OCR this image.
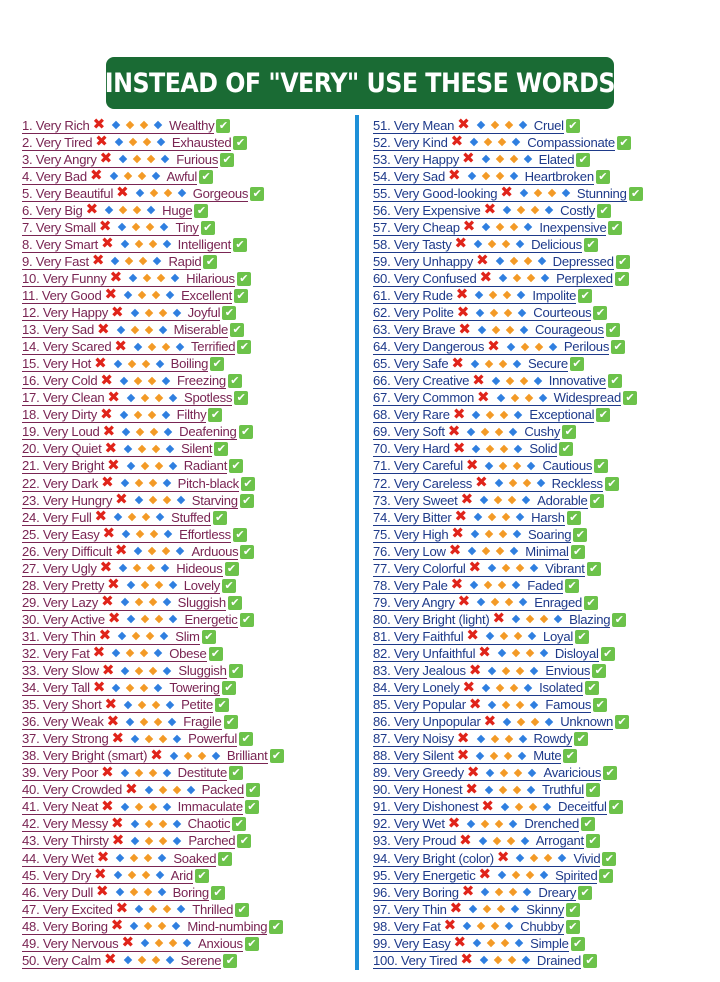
INSTEAD OF "VERY" USE THESE WORDS
1. Very Rich ✖	Wealthy ✔
2. Very Tired ✖	Exhausted ✔
3. Very Angry ✖	Furious ✔
4. Very Bad ✖	Awful ✔
5. Very Beautiful ✖	Gorgeous ✔
6. Very Big ✖	Huge ✔
7. Very Small ✖	Tiny ✔
8. Very Smart ✖	Intelligent ✔
9. Very Fast ✖	Rapid ✔
10. Very Funny ✖	Hilarious ✔
11. Very Good ✖	Excellent ✔
12. Very Happy ✖	Joyful ✔
13. Very Sad ✖	Miserable ✔
14. Very Scared ✖	Terrified ✔
15. Very Hot ✖	Boiling ✔
16. Very Cold ✖	Freezing ✔
17. Very Clean ✖	Spotless ✔
18. Very Dirty ✖	Filthy ✔
19. Very Loud ✖	Deafening ✔
20. Very Quiet ✖	Silent ✔
21. Very Bright ✖	Radiant ✔
22. Very Dark ✖	Pitch-black ✔
23. Very Hungry ✖	Starving ✔
24. Very Full ✖	Stuffed ✔
25. Very Easy ✖	Effortless ✔
26. Very Difficult ✖	Arduous ✔
27. Very Ugly ✖	Hideous ✔
28. Very Pretty ✖	Lovely ✔
29. Very Lazy ✖	Sluggish ✔
30. Very Active ✖	Energetic ✔
31. Very Thin ✖	Slim ✔
32. Very Fat ✖	Obese ✔
33. Very Slow ✖	Sluggish ✔
34. Very Tall ✖	Towering ✔
35. Very Short ✖	Petite ✔
36. Very Weak ✖	Fragile ✔
37. Very Strong ✖	Powerful ✔
38. Very Bright (smart) ✖	Brilliant ✔
39. Very Poor ✖	Destitute ✔
40. Very Crowded ✖	Packed ✔
41. Very Neat ✖	Immaculate ✔
42. Very Messy ✖	Chaotic ✔
43. Very Thirsty ✖	Parched ✔
44. Very Wet ✖	Soaked ✔
45. Very Dry ✖	Arid ✔
46. Very Dull ✖	Boring ✔
47. Very Excited ✖	Thrilled ✔
48. Very Boring ✖	Mind-numbing ✔
49. Very Nervous ✖	Anxious ✔
50. Very Calm ✖	Serene ✔
51. Very Mean ✖	Cruel ✔
52. Very Kind ✖	Compassionate ✔
53. Very Happy ✖	Elated ✔
54. Very Sad ✖	Heartbroken ✔
55. Very Good-looking ✖	Stunning ✔
56. Very Expensive ✖	Costly ✔
57. Very Cheap ✖	Inexpensive ✔
58. Very Tasty ✖	Delicious ✔
59. Very Unhappy ✖	Depressed ✔
60. Very Confused ✖	Perplexed ✔
61. Very Rude ✖	Impolite ✔
62. Very Polite ✖	Courteous ✔
63. Very Brave ✖	Courageous ✔
64. Very Dangerous ✖	Perilous ✔
65. Very Safe ✖	Secure ✔
66. Very Creative ✖	Innovative ✔
67. Very Common ✖	Widespread ✔
68. Very Rare ✖	Exceptional ✔
69. Very Soft ✖	Cushy ✔
70. Very Hard ✖	Solid ✔
71. Very Careful ✖	Cautious ✔
72. Very Careless ✖	Reckless ✔
73. Very Sweet ✖	Adorable ✔
74. Very Bitter ✖	Harsh ✔
75. Very High ✖	Soaring ✔
76. Very Low ✖	Minimal ✔
77. Very Colorful ✖	Vibrant ✔
78. Very Pale ✖	Faded ✔
79. Very Angry ✖	Enraged ✔
80. Very Bright (light) ✖	Blazing ✔
81. Very Faithful ✖	Loyal ✔
82. Very Unfaithful ✖	Disloyal ✔
83. Very Jealous ✖	Envious ✔
84. Very Lonely ✖	Isolated ✔
85. Very Popular ✖	Famous ✔
86. Very Unpopular ✖	Unknown ✔
87. Very Noisy ✖	Rowdy ✔
88. Very Silent ✖	Mute ✔
89. Very Greedy ✖	Avaricious ✔
90. Very Honest ✖	Truthful ✔
91. Very Dishonest ✖	Deceitful ✔
92. Very Wet ✖	Drenched ✔
93. Very Proud ✖	Arrogant ✔
94. Very Bright (color) ✖	Vivid ✔
95. Very Energetic ✖	Spirited ✔
96. Very Boring ✖	Dreary ✔
97. Very Thin ✖	Skinny ✔
98. Very Fat ✖	Chubby ✔
99. Very Easy ✖	Simple ✔
100. Very Tired ✖	Drained ✔
